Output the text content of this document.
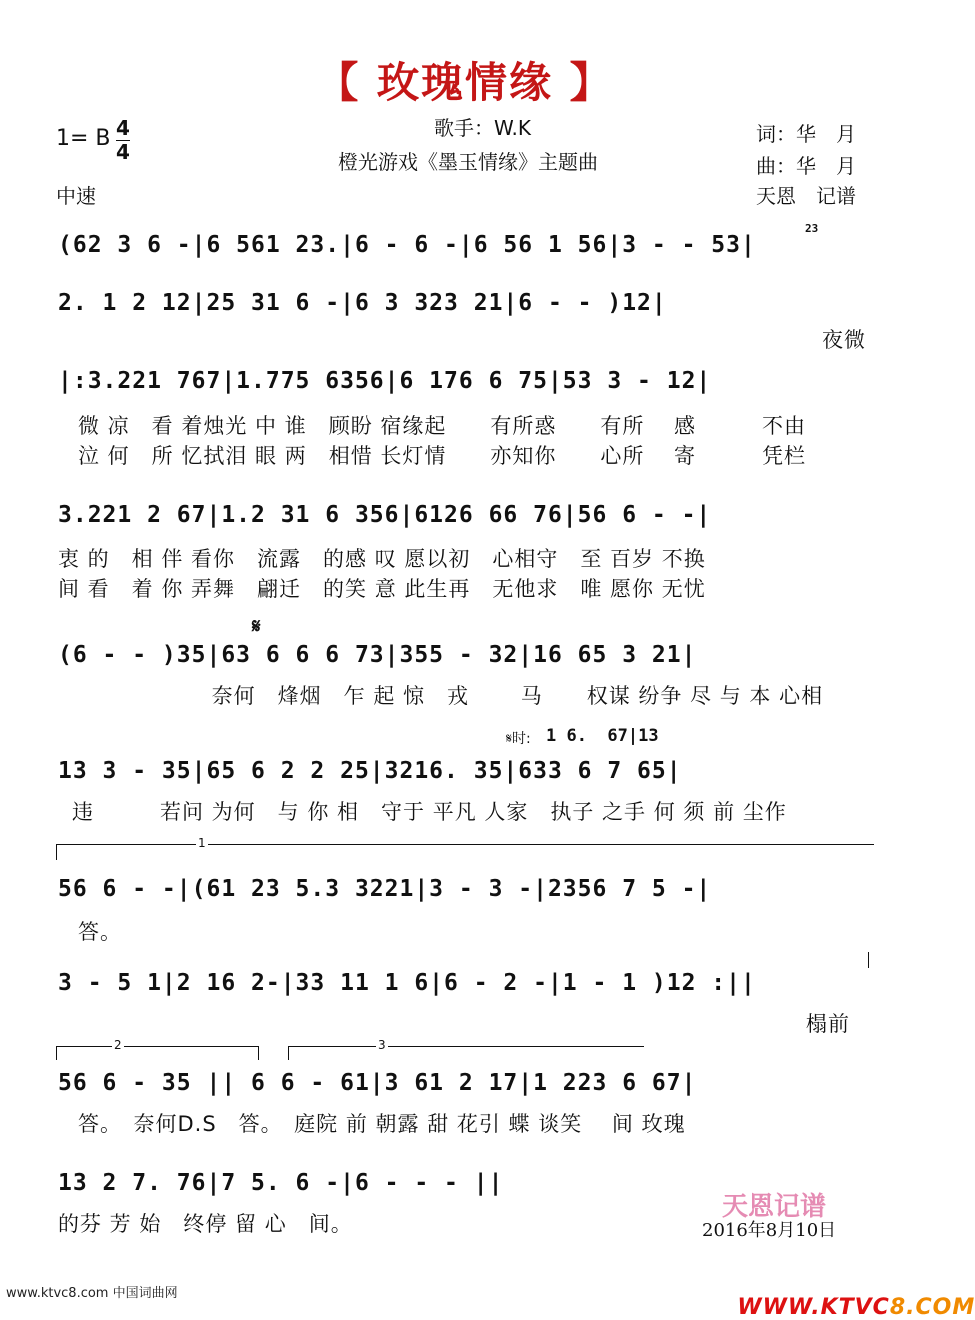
【 玫瑰情缘 】
1= B 4
4
中速
歌手：W.K
橙光游戏《墨玉情缘》主题曲
词：华　月
曲：华　月
天恩　记谱
(62 3 6 -|6 561 23.|6 - 6 -|6 56 1 56|3 - - 53|
23
2. 1 2 12|25 31 6 -|6 3 323 21|6 - - )12|
夜微
|:3.221 767|1.775 6356|6 176 6 75|53 3 - 12|
微 凉　看 着烛光 中 谁　顾盼 宿缘起　　有所惑　　有所　 感　　　不由
泣 何　所 忆拭泪 眼 两　相惜 长灯情　　亦知你　　心所　 寄　　　凭栏
3.221 2 67|1.2 31 6 356|6126 66 76|56 6 - -|
衷 的　相 伴 看你　流露　的感 叹 愿以初　心相守　至 百岁 不换
间 看　着 你 弄舞　翩迁　的笑 意 此生再　无他求　唯 愿你 无忧
𝄋
(6 - - )35|63 6 6 6 73|355 - 32|16 65 3 21|
　　　　 奈何　烽烟　乍 起 惊　戎　　 马　　权谋 纷争 尽 与 本 心相
𝄋时: 1 6.  67|13
13 3 - 35|65 6 2 2 25|3216. 35|633 6 7 65|
违　　　若问 为何　与 你 相　守于 平凡 人家　执子 之手 何 须 前 尘作
1
56 6 - -|(61 23 5.3 3221|3 - 3 -|2356 7 5 -|
答。
3 - 5 1|2 16 2-|33 11 1 6|6 - 2 -|1 - 1 )12 :||
榻前
2	3
56 6 - 35 || 6 6 - 61|3 61 2 17|1 223 6 67|
答。　奈何D.S　答。　庭院 前 朝露 甜 花引 蝶 谈笑　 间 玫瑰
13 2 7. 76|7 5. 6 -|6 - - - ||
的芬 芳 始　终停 留 心　间。
天恩记谱
2016年8月10日
www.ktvc8.com 中国词曲网

WWW.KTVC8.COM
